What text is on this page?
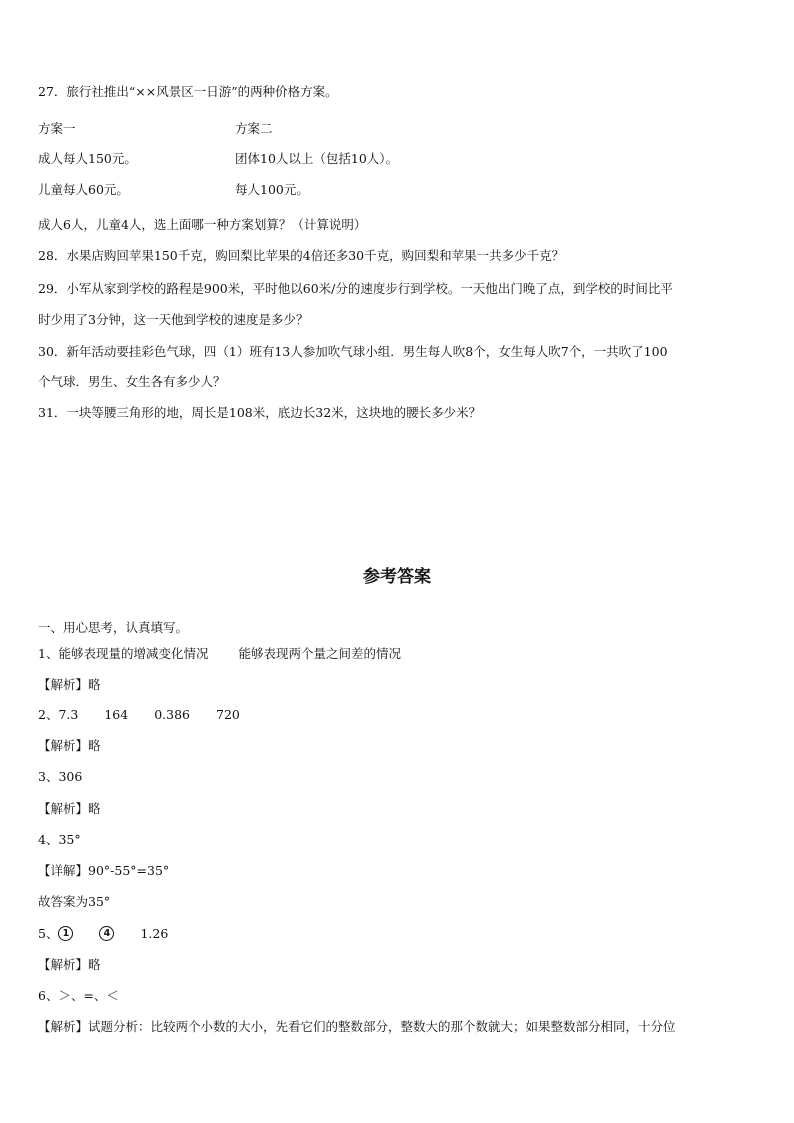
27．旅行社推出“××风景区一日游”的两种价格方案。
方案一	方案二
成人每人150元。	团体10人以上（包括10人）。
儿童每人60元。	每人100元。
成人6人，儿童4人，选上面哪一种方案划算？（计算说明）
28．水果店购回苹果150千克，购回梨比苹果的4倍还多30千克，购回梨和苹果一共多少千克？
29．小军从家到学校的路程是900米，平时他以60米/分的速度步行到学校。一天他出门晚了点，到学校的时间比平
时少用了3分钟，这一天他到学校的速度是多少？
30．新年活动要挂彩色气球，四（1）班有13人参加吹气球小组．男生每人吹8个，女生每人吹7个，一共吹了100
个气球．男生、女生各有多少人？
31．一块等腰三角形的地，周长是108米，底边长32米，这块地的腰长多少米？
参考答案
一、用心思考，认真填写。
1、能够表现量的增减变化情况 能够表现两个量之间差的情况
【解析】略
2、7.3 164 0.386 720
【解析】略
3、306
【解析】略
4、35°
【详解】90°-55°=35°
故答案为35°
5、 1	4 1.26
【解析】略
6、＞、=、＜
【解析】试题分析：比较两个小数的大小，先看它们的整数部分，整数大的那个数就大；如果整数部分相同，十分位
